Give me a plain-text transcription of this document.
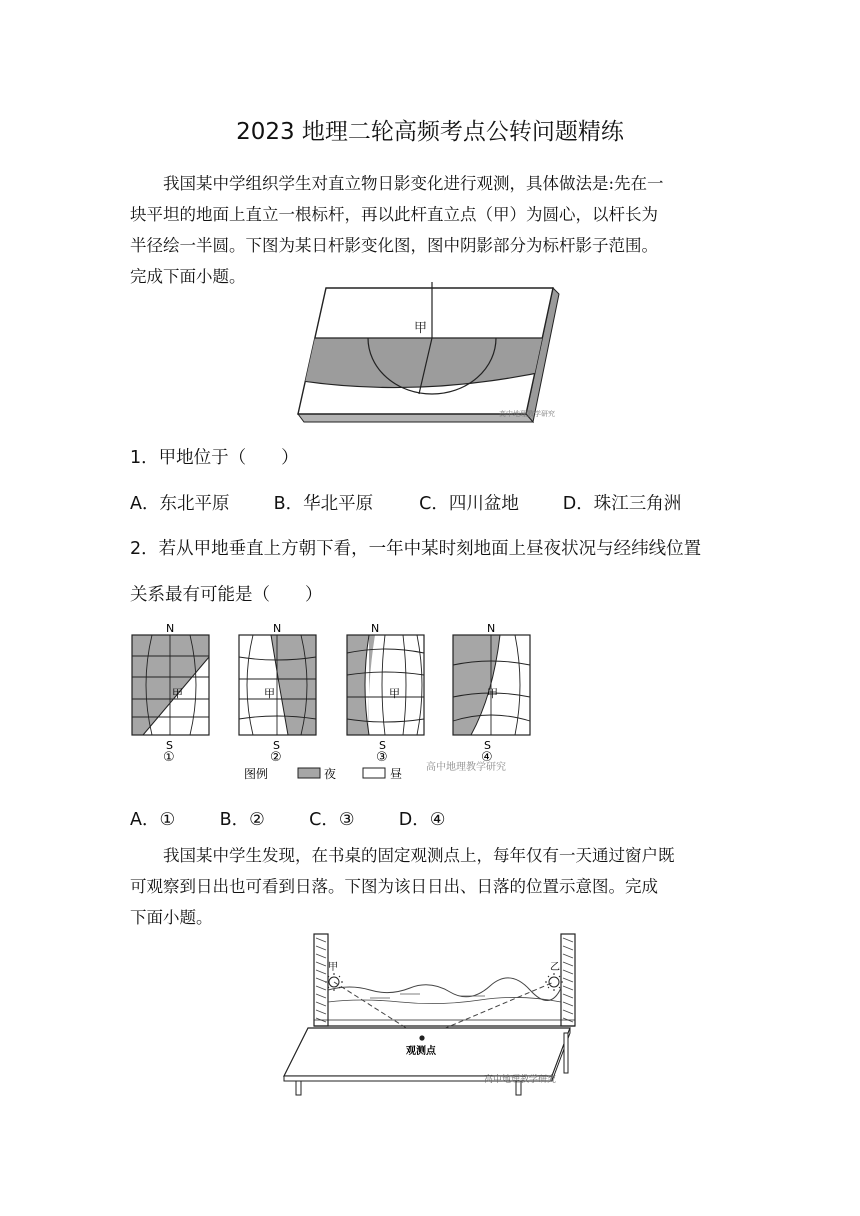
2023 地理二轮高频考点公转问题精练
　　我国某中学组织学生对直立物日影变化进行观测，具体做法是:先在一
块平坦的地面上直立一根标杆，再以此杆直立点（甲）为圆心，以杆长为
半径绘一半圆。下图为某日杆影变化图，图中阴影部分为标杆影子范围。
完成下面小题。
甲
高中地理教学研究
1．甲地位于（　　）
A．东北平原	B．华北平原	C．四川盆地	D．珠江三角洲
2．若从甲地垂直上方朝下看，一年中某时刻地面上昼夜状况与经纬线位置
关系最有可能是（　　）
N
甲
S
①
N
甲
S
②
N
甲
S
③
N
甲
S
④
图例	夜	昼 高中地理教学研究
A．①	B．②	C．③	D．④
　　我国某中学生发现，在书桌的固定观测点上，每年仅有一天通过窗户既
可观察到日出也可看到日落。下图为该日日出、日落的位置示意图。完成
下面小题。
甲	乙
观测点
高中地理教学研究
